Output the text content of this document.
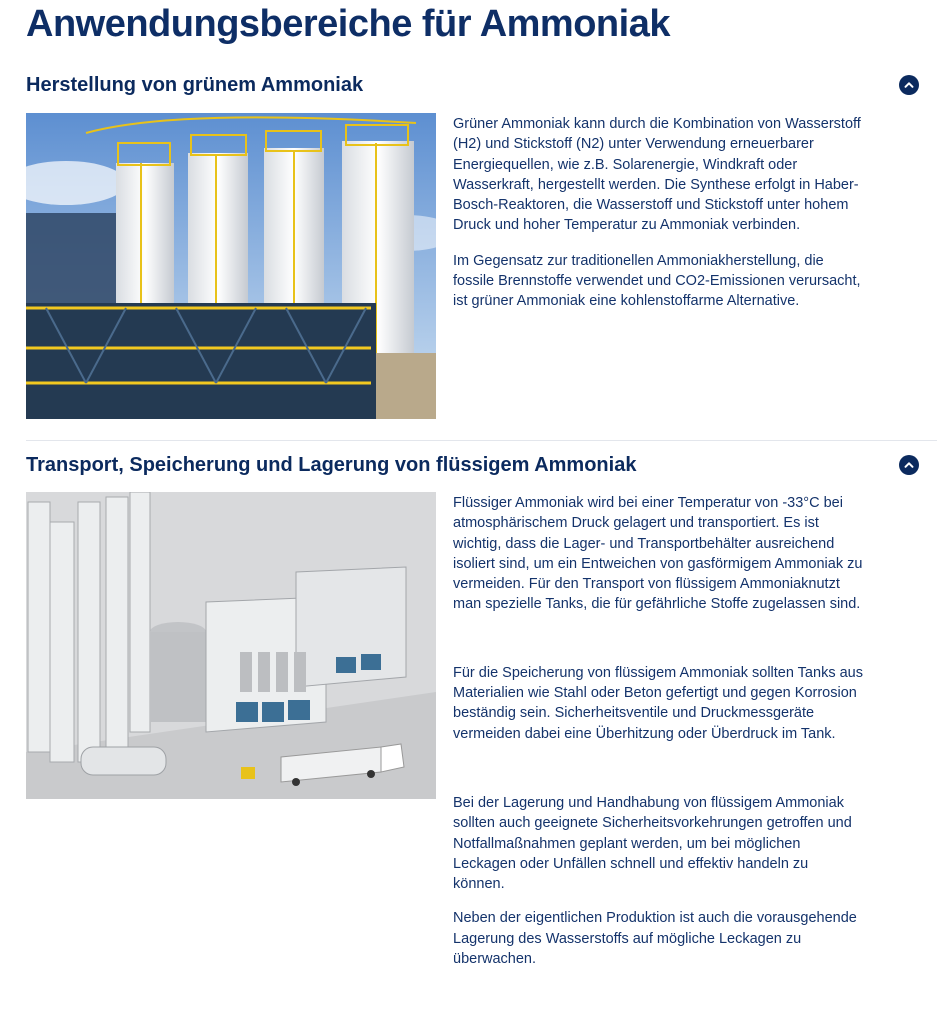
Anwendungsbereiche für Ammoniak
Herstellung von grünem Ammoniak

Grüner Ammoniak kann durch die Kombination von Wasserstoff (H2) und Stickstoff (N2) unter Verwendung erneuerbarer Energiequellen, wie z.B. Solarenergie, Windkraft oder Wasserkraft, hergestellt werden. Die Synthese erfolgt in Haber-Bosch-Reaktoren, die Wasserstoff und Stickstoff unter hohem Druck und hoher Temperatur zu Ammoniak verbinden.

Im Gegensatz zur traditionellen Ammoniakherstellung, die fossile Brennstoffe verwendet und CO2-Emissionen verursacht, ist grüner Ammoniak eine kohlenstoffarme Alternative.

Transport, Speicherung und Lagerung von flüssigem Ammoniak

Flüssiger Ammoniak wird bei einer Temperatur von -33°C bei atmosphärischem Druck gelagert und transportiert. Es ist wichtig, dass die Lager- und Transportbehälter ausreichend isoliert sind, um ein Entweichen von gasförmigem Ammoniak zu vermeiden. Für den Transport von flüssigem Ammoniaknutzt man spezielle Tanks, die für gefährliche Stoffe zugelassen sind.

Für die Speicherung von flüssigem Ammoniak sollten Tanks aus Materialien wie Stahl oder Beton gefertigt und gegen Korrosion beständig sein. Sicherheitsventile und Druckmessgeräte vermeiden dabei eine Überhitzung oder Überdruck im Tank.

Bei der Lagerung und Handhabung von flüssigem Ammoniak sollten auch geeignete Sicherheitsvorkehrungen getroffen und Notfallmaßnahmen geplant werden, um bei möglichen Leckagen oder Unfällen schnell und effektiv handeln zu können.

Neben der eigentlichen Produktion ist auch die vorausgehende Lagerung des Wasserstoffs auf mögliche Leckagen zu überwachen.
